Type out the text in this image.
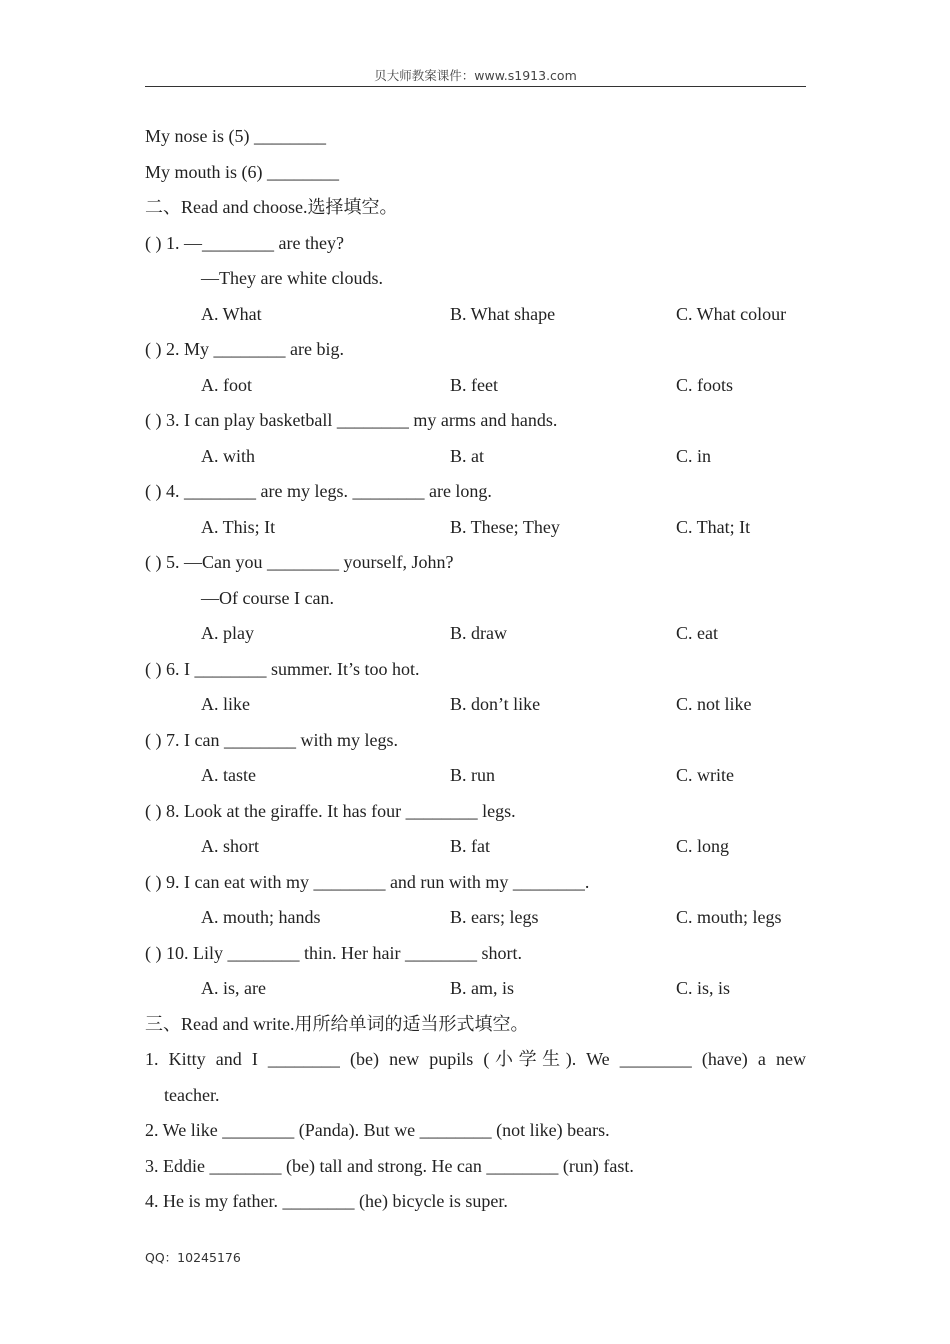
贝大师教案课件：www.s1913.com
My nose is (5) ________
My mouth is (6) ________
二、Read and choose.选择填空。
( ) 1. —________ are they?
—They are white clouds.
A. What	B. What shape	C. What colour
( ) 2. My ________ are big.
A. foot	B. feet	C. foots
( ) 3. I can play basketball ________ my arms and hands.
A. with	B. at	C. in
( ) 4. ________ are my legs. ________ are long.
A. This; It	B. These; They	C. That; It
( ) 5. —Can you ________ yourself, John?
—Of course I can.
A. play	B. draw	C. eat
( ) 6. I ________ summer. It’s too hot.
A. like	B. don’t like	C. not like
( ) 7. I can ________ with my legs.
A. taste	B. run	C. write
( ) 8. Look at the giraffe. It has four ________ legs.
A. short	B. fat	C. long
( ) 9. I can eat with my ________ and run with my ________.
A. mouth; hands	B. ears; legs	C. mouth; legs
( ) 10. Lily ________ thin. Her hair ________ short.
A. is, are	B. am, is	C. is, is
三、Read and write.用所给单词的适当形式填空。
1. Kitty and I ________ (be) new pupils (小学生). We ________ (have) a new
teacher.
2. We like ________ (Panda). But we ________ (not like) bears.
3. Eddie ________ (be) tall and strong. He can ________ (run) fast.
4. He is my father. ________ (he) bicycle is super.
QQ：10245176
